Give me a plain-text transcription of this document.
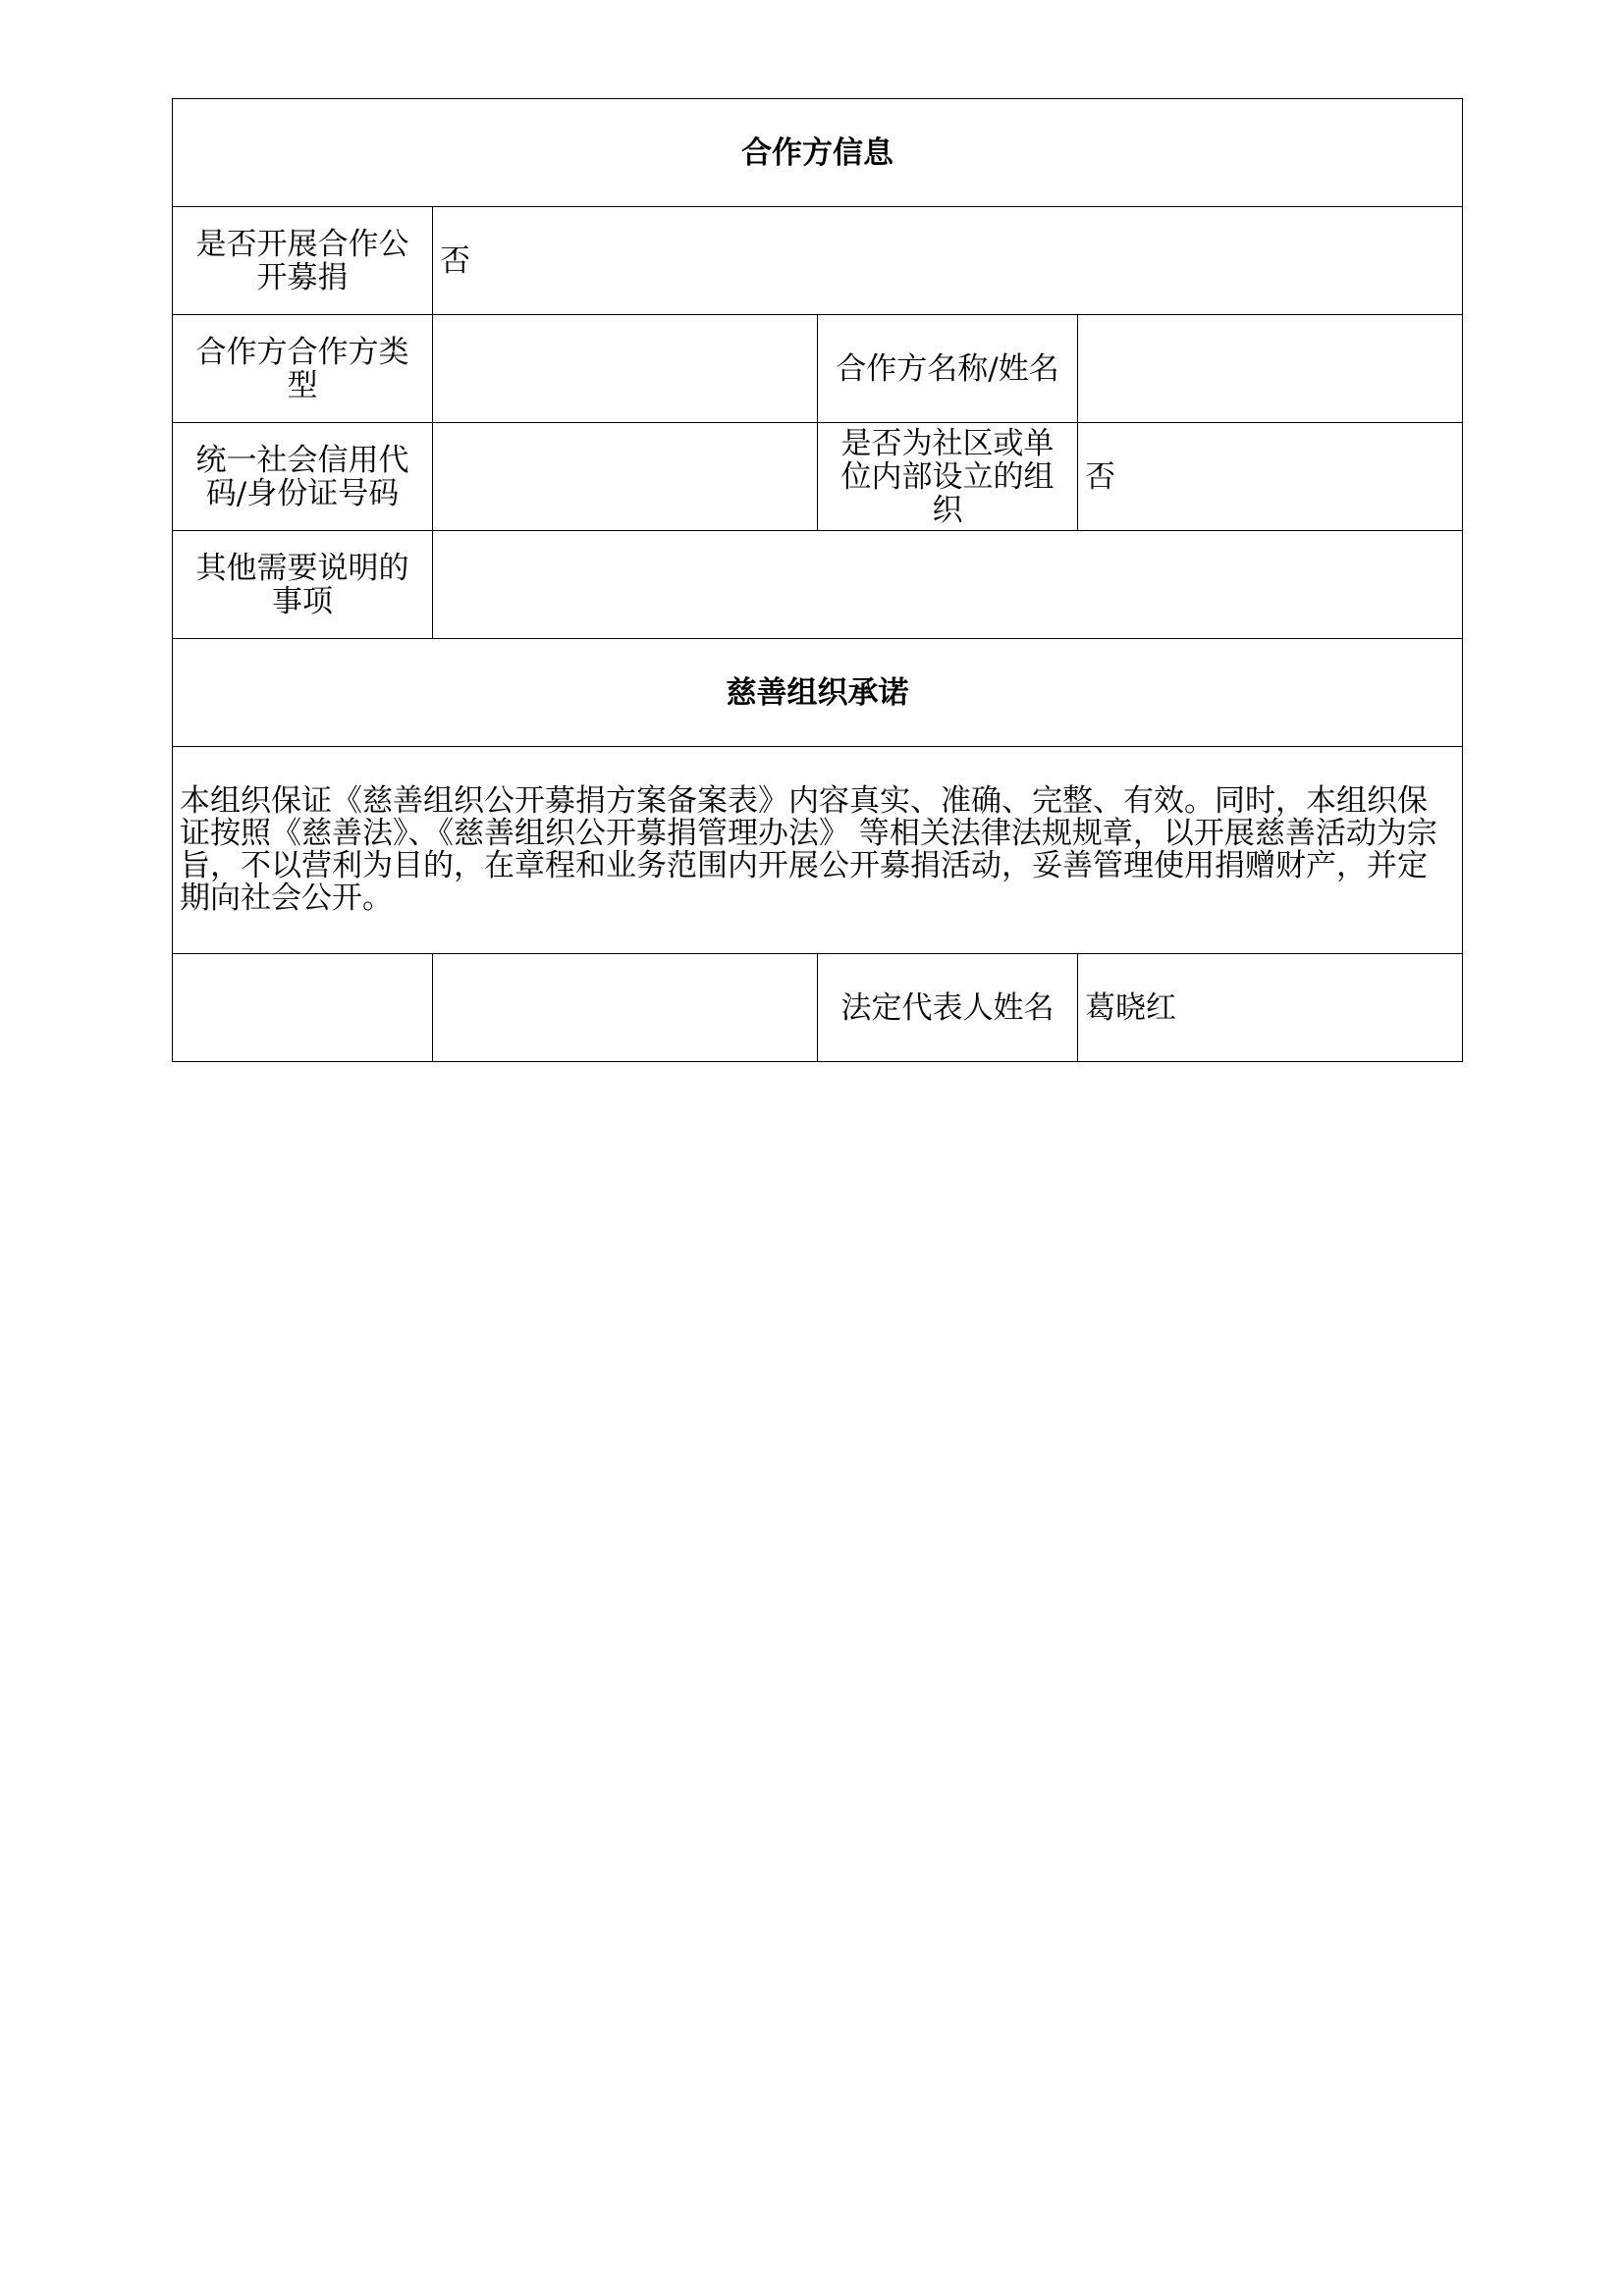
合作方信息			
是否开展合作公开募捐	否		
合作方合作方类型		合作方名称/姓名	
统一社会信用代码/身份证号码		是否为社区或单位内部设立的组织	否
其他需要说明的事项			
慈善组织承诺			
本组织保证《慈善组织公开募捐方案备案表》内容真实、准确、完整、有效。同时，本组织保证按照《慈善法》、《慈善组织公开募捐管理办法》 等相关法律法规规章，以开展慈善活动为宗旨，不以营利为目的，在章程和业务范围内开展公开募捐活动，妥善管理使用捐赠财产，并定期向社会公开。			
		法定代表人姓名	葛晓红
